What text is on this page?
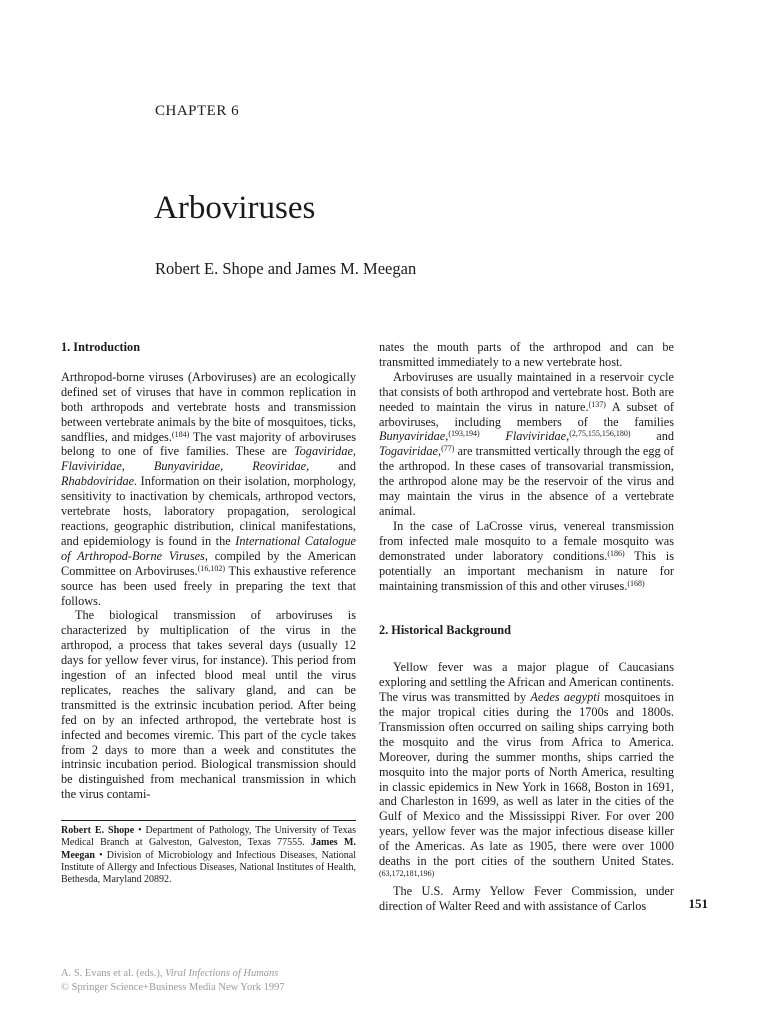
CHAPTER 6
Arboviruses
Robert E. Shope and James M. Meegan

1. Introduction

Arthropod-borne viruses (Arboviruses) are an ecologically defined set of viruses that have in common replication in both arthropods and vertebrate hosts and transmission between vertebrate animals by the bite of mosquitoes, ticks, sandflies, and midges.$^{(184)}$ The vast majority of arboviruses belong to one of five families. These are Togaviridae, Flaviviridae, Bunyaviridae, Reoviridae, and Rhabdoviridae. Information on their isolation, morphology, sensitivity to inactivation by chemicals, arthropod vectors, vertebrate hosts, laboratory propagation, serological reactions, geographic distribution, clinical manifestations, and epidemiology is found in the International Catalogue of Arthropod-Borne Viruses, compiled by the American Committee on Arboviruses.$^{(16,102)}$ This exhaustive reference source has been used freely in preparing the text that follows.

The biological transmission of arboviruses is characterized by multiplication of the virus in the arthropod, a process that takes several days (usually 12 days for yellow fever virus, for instance). This period from ingestion of an infected blood meal until the virus replicates, reaches the salivary gland, and can be transmitted is the extrinsic incubation period. After being fed on by an infected arthropod, the vertebrate host is infected and becomes viremic. This part of the cycle takes from 2 days to more than a week and constitutes the intrinsic incubation period. Biological transmission should be distinguished from mechanical transmission in which the virus contami-

nates the mouth parts of the arthropod and can be transmitted immediately to a new vertebrate host.

Arboviruses are usually maintained in a reservoir cycle that consists of both arthropod and vertebrate host. Both are needed to maintain the virus in nature.$^{(137)}$ A subset of arboviruses, including members of the families Bunyaviridae,$^{(193,194)}$ Flaviviridae,$^{(2,75,155,156,180)}$ and Togaviridae,$^{(77)}$ are transmitted vertically through the egg of the arthropod. In these cases of transovarial transmission, the arthropod alone may be the reservoir of the virus and may maintain the virus in the absence of a vertebrate animal.

In the case of LaCrosse virus, venereal transmission from infected male mosquito to a female mosquito was demonstrated under laboratory conditions.$^{(186)}$ This is potentially an important mechanism in nature for maintaining transmission of this and other viruses.$^{(168)}$

2. Historical Background

Yellow fever was a major plague of Caucasians exploring and settling the African and American continents. The virus was transmitted by Aedes aegypti mosquitoes in the major tropical cities during the 1700s and 1800s. Transmission often occurred on sailing ships carrying both the mosquito and the virus from Africa to America. Moreover, during the summer months, ships carried the mosquito into the major ports of North America, resulting in classic epidemics in New York in 1668, Boston in 1691, and Charleston in 1699, as well as later in the cities of the Gulf of Mexico and the Mississippi River. For over 200 years, yellow fever was the major infectious disease killer of the Americas. As late as 1905, there were over 1000 deaths in the port cities of the southern United States.$^{(63,172,181,196)}$

The U.S. Army Yellow Fever Commission, under direction of Walter Reed and with assistance of Carlos

Robert E. Shope • Department of Pathology, The University of Texas Medical Branch at Galveston, Galveston, Texas 77555. James M. Meegan • Division of Microbiology and Infectious Diseases, National Institute of Allergy and Infectious Diseases, National Institutes of Health, Bethesda, Maryland 20892.
151
A. S. Evans et al. (eds.), Viral Infections of Humans
© Springer Science+Business Media New York 1997
